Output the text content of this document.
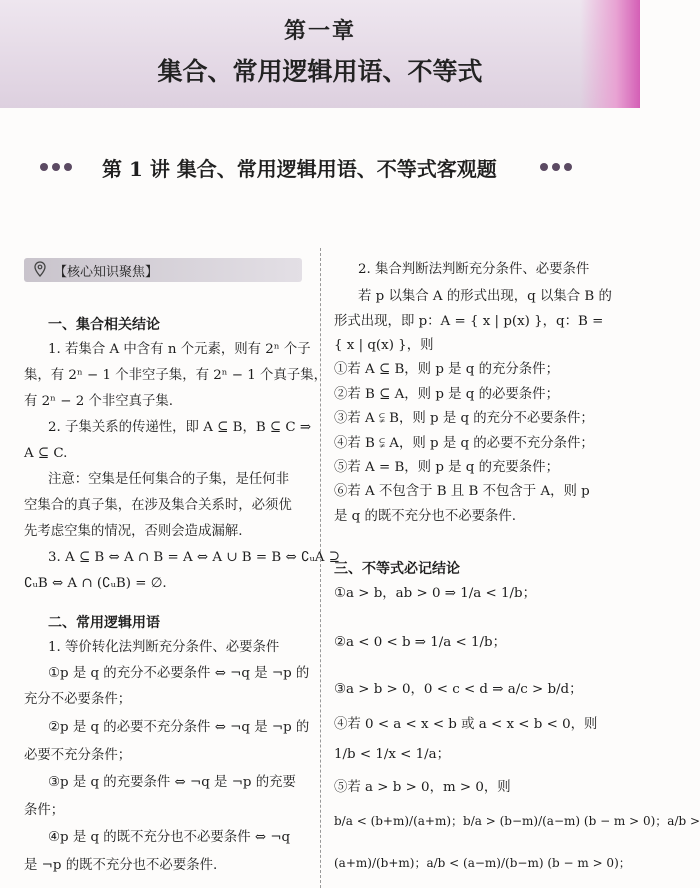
第一章
集合、常用逻辑用语、不等式
第 1 讲 集合、常用逻辑用语、不等式客观题
【核心知识聚焦】
一、集合相关结论
1. 若集合 A 中含有 n 个元素，则有 2ⁿ 个子
集，有 2ⁿ − 1 个非空子集，有 2ⁿ − 1 个真子集，
有 2ⁿ − 2 个非空真子集.
2. 子集关系的传递性，即 A ⊆ B，B ⊆ C ⇒
A ⊆ C.
注意：空集是任何集合的子集，是任何非
空集合的真子集，在涉及集合关系时，必须优
先考虑空集的情况，否则会造成漏解.
3. A ⊆ B ⇔ A ∩ B = A ⇔ A ∪ B = B ⇔ ∁ᵤA ⊇
∁ᵤB ⇔ A ∩ (∁ᵤB) = ∅.
二、常用逻辑用语
1. 等价转化法判断充分条件、必要条件
①p 是 q 的充分不必要条件 ⇔ ¬q 是 ¬p 的
充分不必要条件；
②p 是 q 的必要不充分条件 ⇔ ¬q 是 ¬p 的
必要不充分条件；
③p 是 q 的充要条件 ⇔ ¬q 是 ¬p 的充要
条件；
④p 是 q 的既不充分也不必要条件 ⇔ ¬q
是 ¬p 的既不充分也不必要条件.
2. 集合判断法判断充分条件、必要条件
若 p 以集合 A 的形式出现，q 以集合 B 的
形式出现，即 p：A = { x | p(x) }，q：B =
{ x | q(x) }，则
①若 A ⊆ B，则 p 是 q 的充分条件；
②若 B ⊆ A，则 p 是 q 的必要条件；
③若 A ⫋ B，则 p 是 q 的充分不必要条件；
④若 B ⫋ A，则 p 是 q 的必要不充分条件；
⑤若 A = B，则 p 是 q 的充要条件；
⑥若 A 不包含于 B 且 B 不包含于 A，则 p
是 q 的既不充分也不必要条件.
三、不等式必记结论
①a > b，ab > 0 ⇒ 1/a < 1/b；
②a < 0 < b ⇒ 1/a < 1/b；
③a > b > 0，0 < c < d ⇒ a/c > b/d；
④若 0 < a < x < b 或 a < x < b < 0，则
1/b < 1/x < 1/a；
⑤若 a > b > 0，m > 0，则
b/a < (b+m)/(a+m)；b/a > (b−m)/(a−m) (b − m > 0)；a/b >
(a+m)/(b+m)；a/b < (a−m)/(b−m) (b − m > 0)；
